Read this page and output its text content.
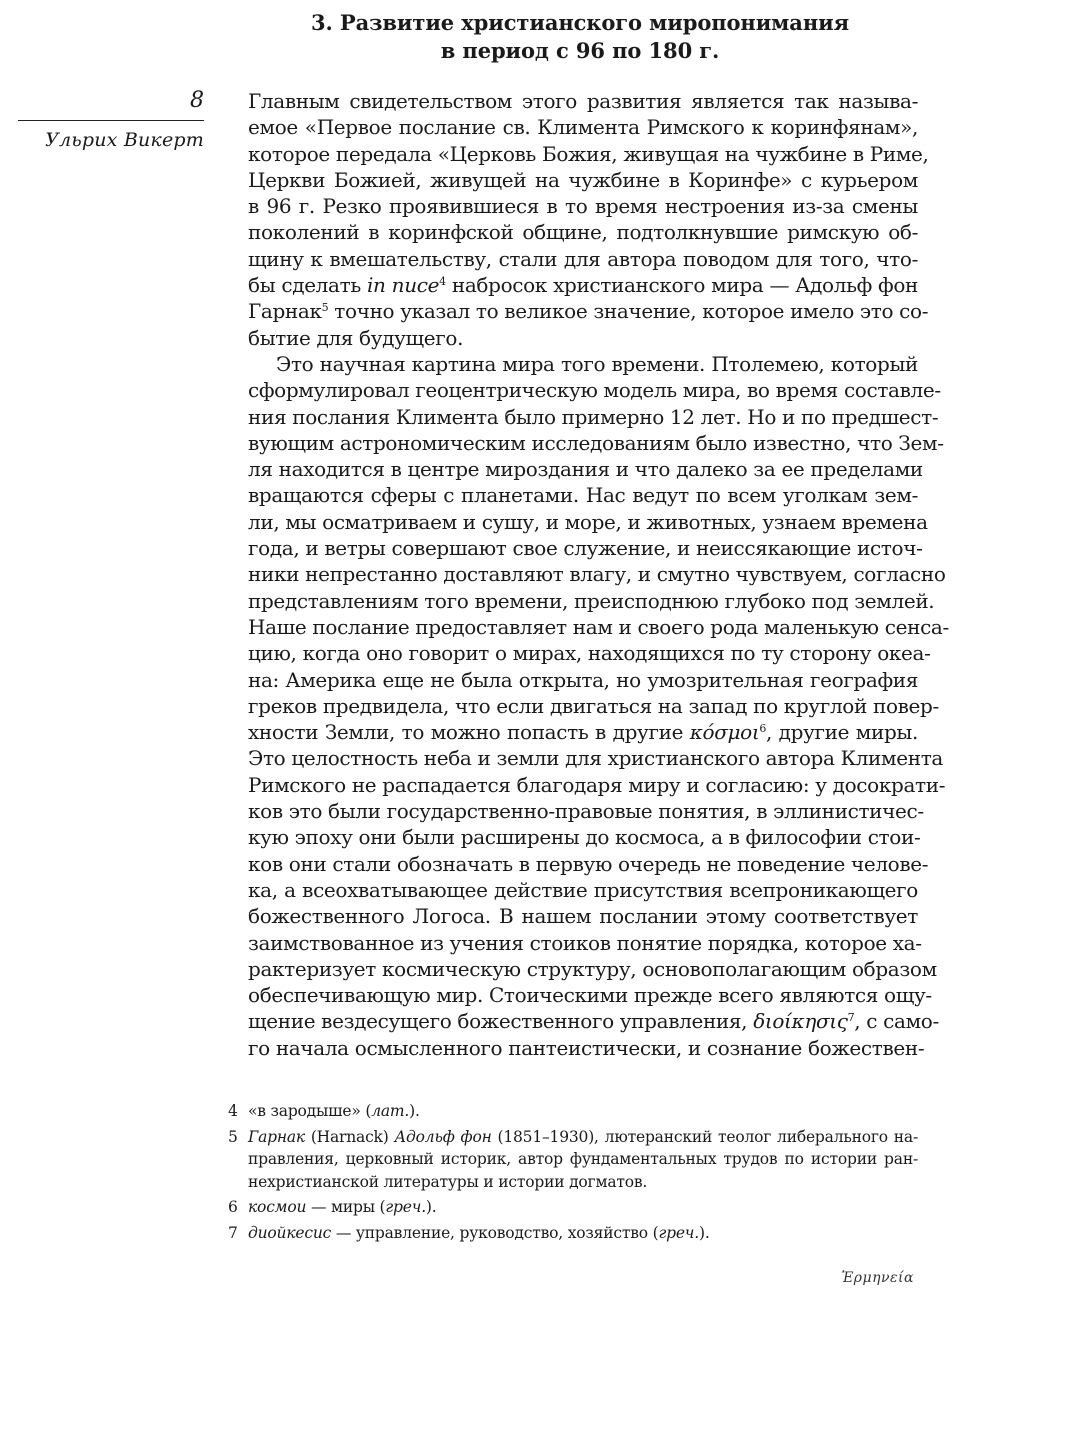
3. Развитие христианского миропонимания
в период с 96 по 180 г.
8
Ульрих Викерт
Главным свидетельством этого развития является так называ-
емое «Первое послание св. Климента Римского к коринфянам»,
которое передала «Церковь Божия, живущая на чужбине в Риме,
Церкви Божией, живущей на чужбине в Коринфе» с курьером
в 96 г. Резко проявившиеся в то время нестроения из-за смены
поколений в коринфской общине, подтолкнувшие римскую об-
щину к вмешательству, стали для автора поводом для того, что-
бы сделать in nuce$^4$ набросок христианского мира — Адольф фон
Гарнак$^5$ точно указал то великое значение, которое имело это со-
бытие для будущего.
Это научная картина мира того времени. Птолемею, который
сформулировал геоцентрическую модель мира, во время составле-
ния послания Климента было примерно 12 лет. Но и по предшест-
вующим астрономическим исследованиям было известно, что Зем-
ля находится в центре мироздания и что далеко за ее пределами
вращаются сферы с планетами. Нас ведут по всем уголкам зем-
ли, мы осматриваем и сушу, и море, и животных, узнаем времена
года, и ветры совершают свое служение, и неиссякающие источ-
ники непрестанно доставляют влагу, и смутно чувствуем, согласно
представлениям того времени, преисподнюю глубоко под землей.
Наше послание предоставляет нам и своего рода маленькую сенса-
цию, когда оно говорит о мирах, находящихся по ту сторону океа-
на: Америка еще не была открыта, но умозрительная география
греков предвидела, что если двигаться на запад по круглой повер-
хности Земли, то можно попасть в другие κόσμοι$^6$, другие миры.
Это целостность неба и земли для христианского автора Климента
Римского не распадается благодаря миру и согласию: у досократи-
ков это были государственно-правовые понятия, в эллинистичес-
кую эпоху они были расширены до космоса, а в философии стои-
ков они стали обозначать в первую очередь не поведение челове-
ка, а всеохватывающее действие присутствия всепроникающего
божественного Логоса. В нашем послании этому соответствует
заимствованное из учения стоиков понятие порядка, которое ха-
рактеризует космическую структуру, основополагающим образом
обеспечивающую мир. Стоическими прежде всего являются ощу-
щение вездесущего божественного управления, διοίκησις$^7$, с само-
го начала осмысленного пантеистически, и сознание божествен-
4 «в зародыше» (лат.).
5 Гарнак (Harnack) Адольф фон (1851–1930), лютеранский теолог либерального на-
правления, церковный историк, автор фундаментальных трудов по истории ран-
нехристианской литературы и истории догматов.
6 космои — миры (греч.).
7 диойкесис — управление, руководство, хозяйство (греч.).
Ἑρμηνεία
